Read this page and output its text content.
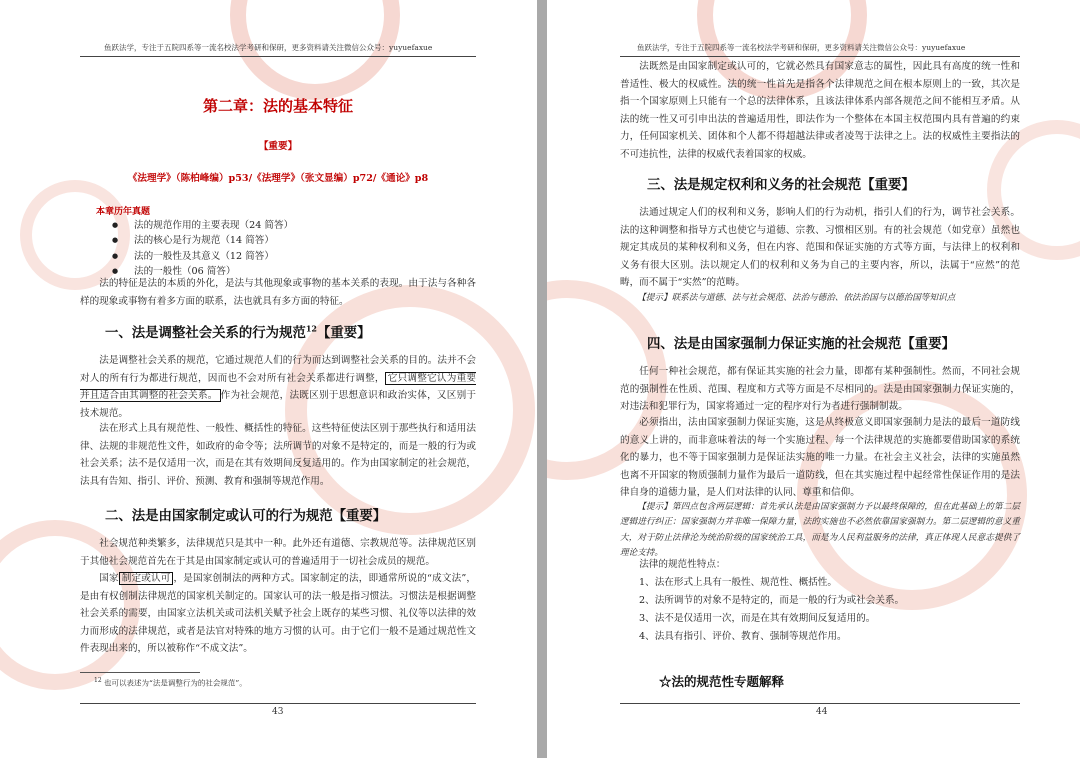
鱼跃法学，专注于五院四系等一流名校法学考研和保研，更多资料请关注微信公众号：yuyuefaxue
第二章：法的基本特征
【重要】
《法理学》（陈柏峰编）p53/《法理学》（张文显编）p72/《通论》p8
本章历年真题
● 法的规范作用的主要表现（24 简答）
● 法的核心是行为规范（14 简答）
● 法的一般性及其意义（12 简答）
● 法的一般性（06 简答）
法的特征是法的本质的外化，是法与其他现象或事物的基本关系的表现。由于法与各种各样的现象或事物有着多方面的联系，法也就具有多方面的特征。
一、法是调整社会关系的行为规范$^{12}$【重要】
法是调整社会关系的规范，它通过规范人们的行为而达到调整社会关系的目的。法并不会对人的所有行为都进行规范，因而也不会对所有社会关系都进行调整， 它只调整它认为重要并且适合由其调整的社会关系。 作为社会规范，法既区别于思想意识和政治实体，又区别于技术规范。
法在形式上具有规范性、一般性、概括性的特征。这些特征使法区别于那些执行和适用法律、法规的非规范性文件，如政府的命令等；法所调节的对象不是特定的，而是一般的行为或社会关系；法不是仅适用一次，而是在其有效期间反复适用的。作为由国家制定的社会规范，法具有告知、指引、评价、预测、教育和强制等规范作用。
二、法是由国家制定或认可的行为规范【重要】
社会规范种类繁多，法律规范只是其中一种。此外还有道德、宗教规范等。法律规范区别于其他社会规范首先在于其是由国家制定或认可的普遍适用于一切社会成员的规范。
国家 制定或认可 ，是国家创制法的两种方式。国家制定的法，即通常所说的“成文法”，是由有权创制法律规范的国家机关制定的。国家认可的法一般是指习惯法。习惯法是根据调整社会关系的需要，由国家立法机关或司法机关赋予社会上既存的某些习惯、礼仪等以法律的效力而形成的法律规范，或者是法官对特殊的地方习惯的认可。由于它们一般不是通过规范性文件表现出来的，所以被称作“不成文法”。
$^{12}$ 也可以表述为“法是调整行为的社会规范”。
43
鱼跃法学，专注于五院四系等一流名校法学考研和保研，更多资料请关注微信公众号：yuyuefaxue
法既然是由国家制定或认可的，它就必然具有国家意志的属性，因此具有高度的统一性和普适性、极大的权威性。法的统一性首先是指各个法律规范之间在根本原则上的一致，其次是指一个国家原则上只能有一个总的法律体系，且该法律体系内部各规范之间不能相互矛盾。从法的统一性又可引申出法的普遍适用性，即法作为一个整体在本国主权范围内具有普遍的约束力，任何国家机关、团体和个人都不得超越法律或者凌驾于法律之上。法的权威性主要指法的不可违抗性，法律的权威代表着国家的权威。
三、法是规定权利和义务的社会规范【重要】
法通过规定人们的权利和义务，影响人们的行为动机，指引人们的行为，调节社会关系。法的这种调整和指导方式也使它与道德、宗教、习惯相区别。有的社会规范（如党章）虽然也规定其成员的某种权利和义务，但在内容、范围和保证实施的方式等方面，与法律上的权利和义务有很大区别。法以规定人们的权利和义务为自己的主要内容，所以，法属于“应然”的范畴，而不属于“实然”的范畴。
【提示】联系法与道德、法与社会规范、法治与德治、依法治国与以德治国等知识点
四、法是由国家强制力保证实施的社会规范【重要】
任何一种社会规范，都有保证其实施的社会力量，即都有某种强制性。然而，不同社会规范的强制性在性质、范围、程度和方式等方面是不尽相同的。法是由国家强制力保证实施的，对违法和犯罪行为，国家将通过一定的程序对行为者进行强制制裁。
必须指出，法由国家强制力保证实施，这是从终极意义即国家强制力是法的最后一道防线的意义上讲的，而非意味着法的每一个实施过程、每一个法律规范的实施都要借助国家的系统化的暴力，也不等于国家强制力是保证法实施的唯一力量。在社会主义社会，法律的实施虽然也离不开国家的物质强制力量作为最后一道防线，但在其实施过程中起经常性保证作用的是法律自身的道德力量，是人们对法律的认同、尊重和信仰。
【提示】第四点包含两层逻辑：首先承认法是由国家强制力予以最终保障的，但在此基础上的第二层逻辑进行纠正：国家强制力并非唯一保障力量，法的实施也不必然依靠国家强制力。第二层逻辑的意义重大，对于防止法律沦为统治阶级的国家统治工具，而是为人民利益服务的法律，真正体现人民意志提供了理论支持。
法律的规范性特点：

1、法在形式上具有一般性、规范性、概括性。

2、法所调节的对象不是特定的，而是一般的行为或社会关系。

3、法不是仅适用一次，而是在其有效期间反复适用的。

4、法具有指引、评价、教育、强制等规范作用。

☆法的规范性专题解释
44
